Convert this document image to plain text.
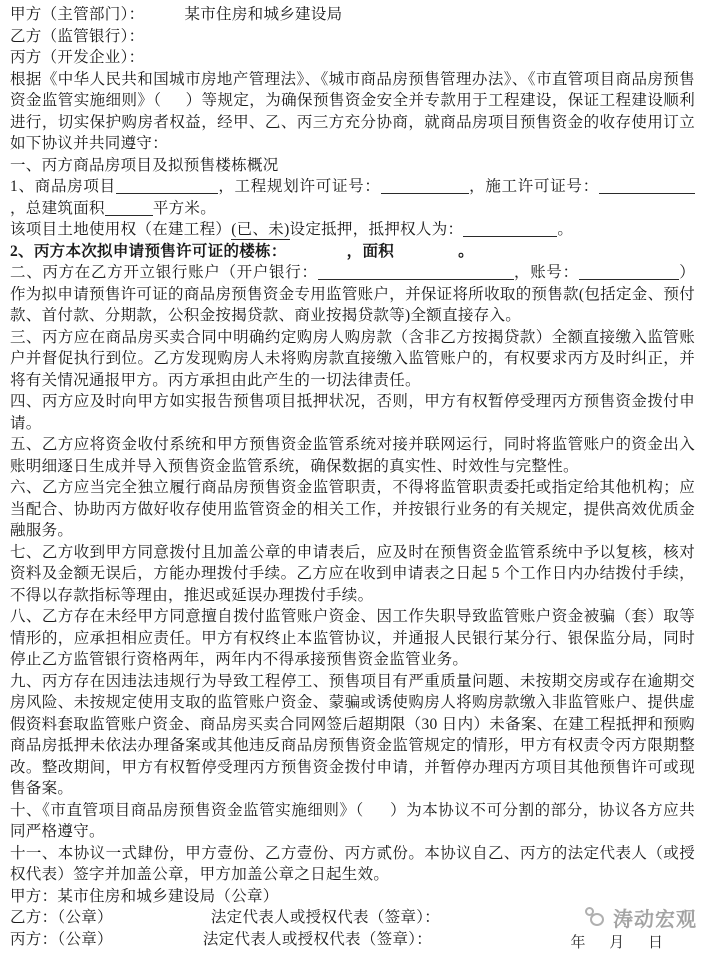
甲方（主管部门）：	某市住房和城乡建设局
乙方（监管银行）：
丙方（开发企业）：
根据《中华人民共和国城市房地产管理法》、《城市商品房预售管理办法》、《市直管项目商品房预售资金监管实施细则》（ ）等规定，为确保预售资金安全并专款用于工程建设，保证工程建设顺利进行，切实保护购房者权益，经甲、乙、丙三方充分协商，就商品房项目预售资金的收存使用订立如下协议并共同遵守：
一、丙方商品房项目及拟预售楼栋概况
1、商品房项目	，工程规划许可证号：	，施工许可证号：，总建筑面积	平方米。
该项目土地使用权（在建工程）(已、未)设定抵押，抵押权人为：	。
2、丙方本次拟申请预售许可证的楼栋：	，面积	。
二、丙方在乙方开立银行账户（开户银行：	，账号：	）作为拟申请预售许可证的商品房预售资金专用监管账户，并保证将所收取的预售款(包括定金、预付款、首付款、分期款，公积金按揭贷款、商业按揭贷款等)全额直接存入。
三、丙方应在商品房买卖合同中明确约定购房人购房款（含非乙方按揭贷款）全额直接缴入监管账户并督促执行到位。乙方发现购房人未将购房款直接缴入监管账户的，有权要求丙方及时纠正，并将有关情况通报甲方。丙方承担由此产生的一切法律责任。
四、丙方应及时向甲方如实报告预售项目抵押状况，否则，甲方有权暂停受理丙方预售资金拨付申请。
五、乙方应将资金收付系统和甲方预售资金监管系统对接并联网运行，同时将监管账户的资金出入账明细逐日生成并导入预售资金监管系统，确保数据的真实性、时效性与完整性。
六、乙方应当完全独立履行商品房预售资金监管职责，不得将监管职责委托或指定给其他机构；应当配合、协助丙方做好收存使用监管资金的相关工作，并按银行业务的有关规定，提供高效优质金融服务。
七、乙方收到甲方同意拨付且加盖公章的申请表后，应及时在预售资金监管系统中予以复核，核对资料及金额无误后，方能办理拨付手续。乙方应在收到申请表之日起 5 个工作日内办结拨付手续，不得以存款指标等理由，推迟或延误办理拨付手续。
八、乙方存在未经甲方同意擅自拨付监管账户资金、因工作失职导致监管账户资金被骗（套）取等情形的，应承担相应责任。甲方有权终止本监管协议，并通报人民银行某分行、银保监分局，同时停止乙方监管银行资格两年，两年内不得承接预售资金监管业务。
九、丙方存在因违法违规行为导致工程停工、预售项目有严重质量问题、未按期交房或存在逾期交房风险、未按规定使用支取的监管账户资金、蒙骗或诱使购房人将购房款缴入非监管账户、提供虚假资料套取监管账户资金、商品房买卖合同网签后超期限（30 日内）未备案、在建工程抵押和预购商品房抵押未依法办理备案或其他违反商品房预售资金监管规定的情形，甲方有权责令丙方限期整改。整改期间，甲方有权暂停受理丙方预售资金拨付申请，并暂停办理丙方项目其他预售许可或现售备案。
十、《市直管项目商品房预售资金监管实施细则》（ ）为本协议不可分割的部分，协议各方应共同严格遵守。
十一、本协议一式肆份，甲方壹份、乙方壹份、丙方贰份。本协议自乙、丙方的法定代表人（或授权代表）签字并加盖公章，甲方加盖公章之日起生效。
甲方：某市住房和城乡建设局（公章）
乙方：（公章）	法定代表人或授权代表（签章）：
丙方：（公章）	法定代表人或授权代表（签章）：
涛动宏观
年 月 日
